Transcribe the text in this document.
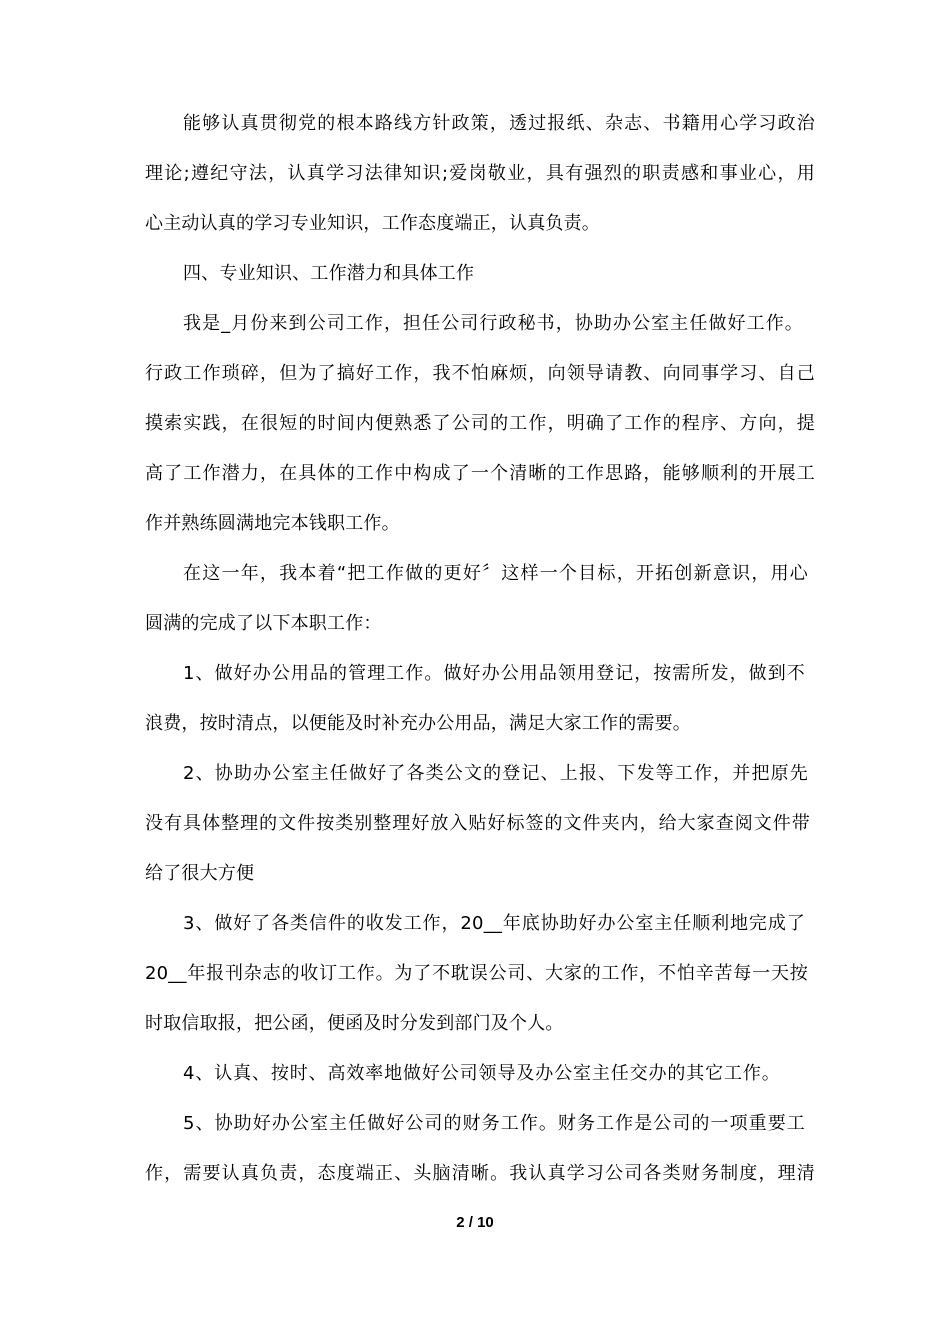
能够认真贯彻党的根本路线方针政策，透过报纸、杂志、书籍用心学习政治
理论;遵纪守法，认真学习法律知识;爱岗敬业，具有强烈的职责感和事业心，用
心主动认真的学习专业知识，工作态度端正，认真负责。
四、专业知识、工作潜力和具体工作
我是_月份来到公司工作，担任公司行政秘书，协助办公室主任做好工作。
行政工作琐碎，但为了搞好工作，我不怕麻烦，向领导请教、向同事学习、自己
摸索实践，在很短的时间内便熟悉了公司的工作，明确了工作的程序、方向，提
高了工作潜力，在具体的工作中构成了一个清晰的工作思路，能够顺利的开展工
作并熟练圆满地完本钱职工作。
在这一年，我本着“把工作做的更好〞这样一个目标，开拓创新意识，用心
圆满的完成了以下本职工作：
1、做好办公用品的管理工作。做好办公用品领用登记，按需所发，做到不
浪费，按时清点，以便能及时补充办公用品，满足大家工作的需要。
2、协助办公室主任做好了各类公文的登记、上报、下发等工作，并把原先
没有具体整理的文件按类别整理好放入贴好标签的文件夹内，给大家查阅文件带
给了很大方便
3、做好了各类信件的收发工作，20__年底协助好办公室主任顺利地完成了
20__年报刊杂志的收订工作。为了不耽误公司、大家的工作，不怕辛苦每一天按
时取信取报，把公函，便函及时分发到部门及个人。
4、认真、按时、高效率地做好公司领导及办公室主任交办的其它工作。
5、协助好办公室主任做好公司的财务工作。财务工作是公司的一项重要工
作，需要认真负责，态度端正、头脑清晰。我认真学习公司各类财务制度，理清
2 / 10
